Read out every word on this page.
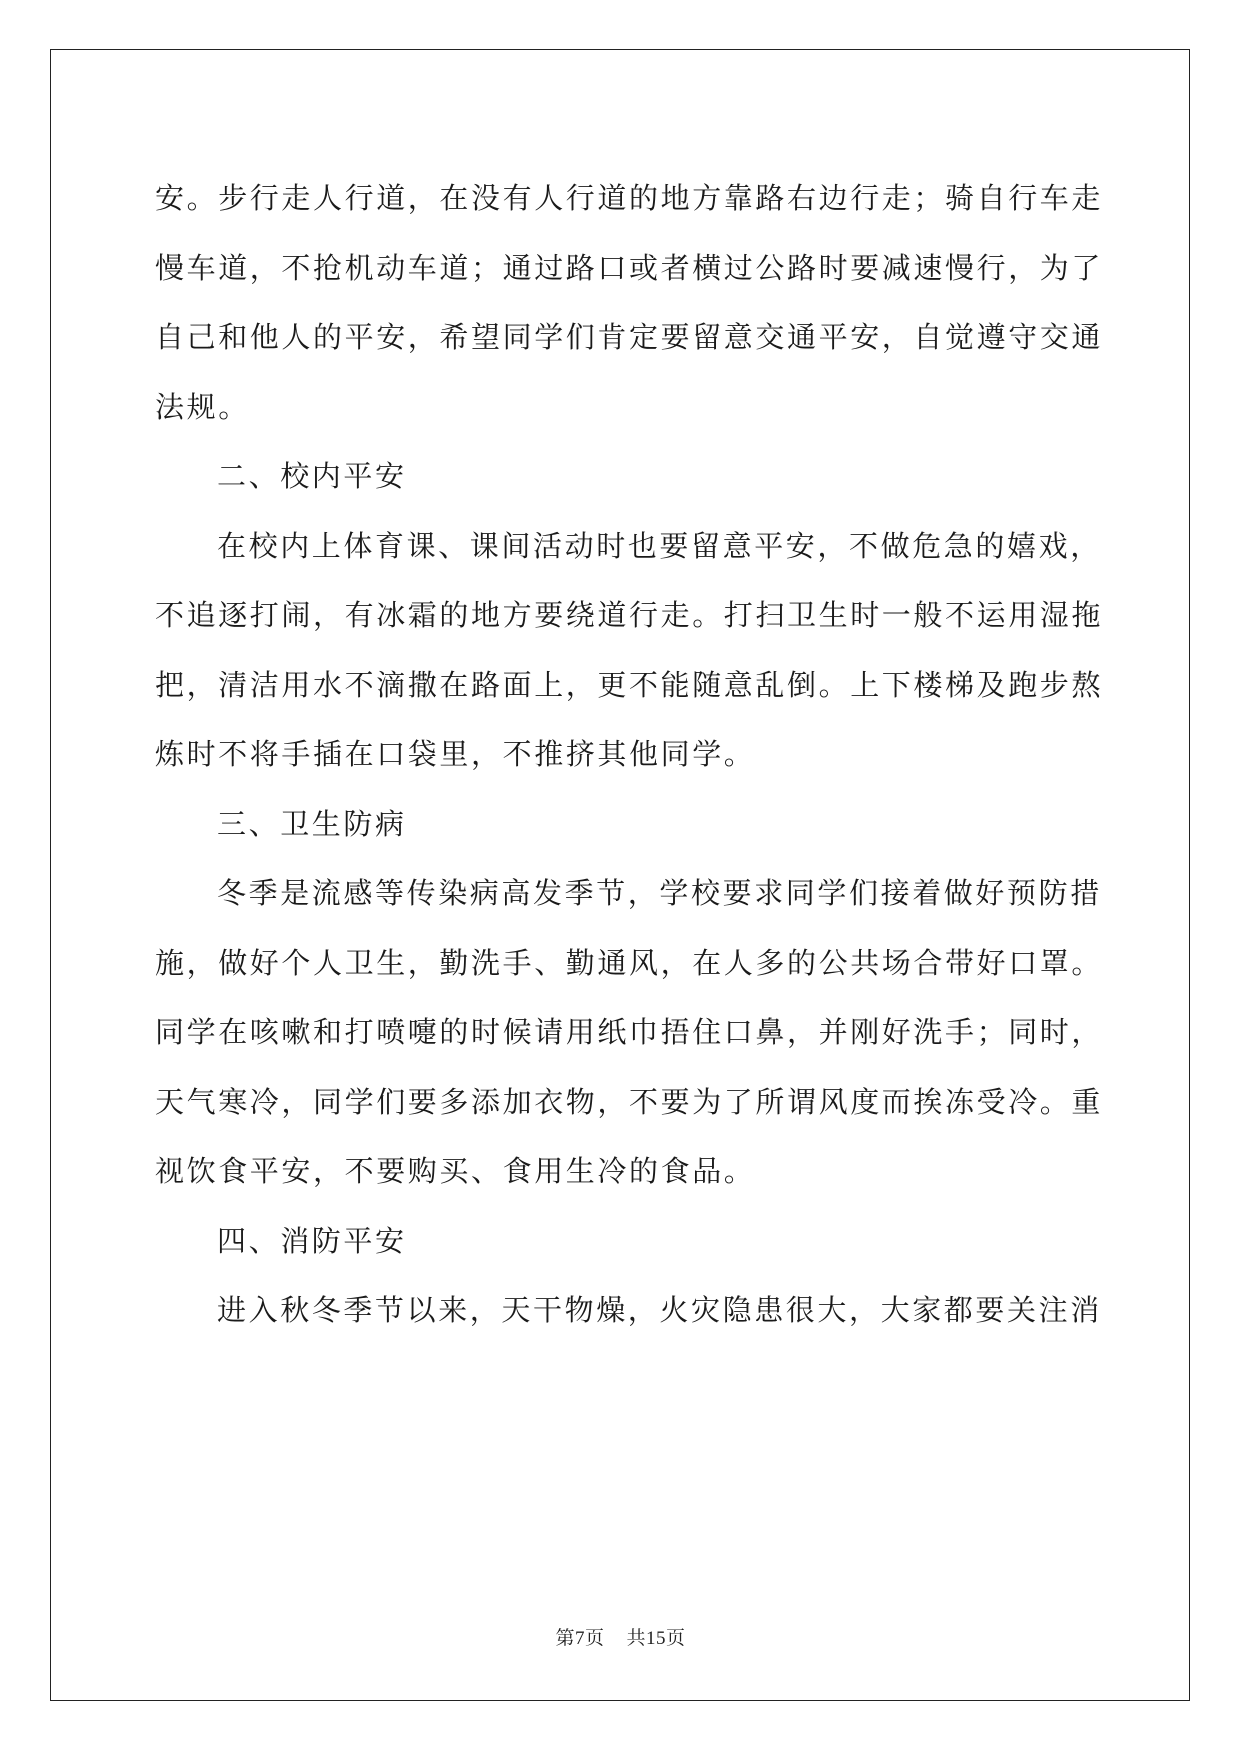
安。步行走人行道，在没有人行道的地方靠路右边行走；骑自行车走
慢车道，不抢机动车道；通过路口或者横过公路时要减速慢行，为了
自己和他人的平安，希望同学们肯定要留意交通平安，自觉遵守交通
法规。
二、校内平安
在校内上体育课、课间活动时也要留意平安，不做危急的嬉戏，
不追逐打闹，有冰霜的地方要绕道行走。打扫卫生时一般不运用湿拖
把，清洁用水不滴撒在路面上，更不能随意乱倒。上下楼梯及跑步熬
炼时不将手插在口袋里，不推挤其他同学。
三、卫生防病
冬季是流感等传染病高发季节，学校要求同学们接着做好预防措
施，做好个人卫生，勤洗手、勤通风，在人多的公共场合带好口罩。
同学在咳嗽和打喷嚏的时候请用纸巾捂住口鼻，并刚好洗手；同时，
天气寒冷，同学们要多添加衣物，不要为了所谓风度而挨冻受冷。重
视饮食平安，不要购买、食用生冷的食品。
四、消防平安
进入秋冬季节以来，天干物燥，火灾隐患很大，大家都要关注消
第7页 共15页
